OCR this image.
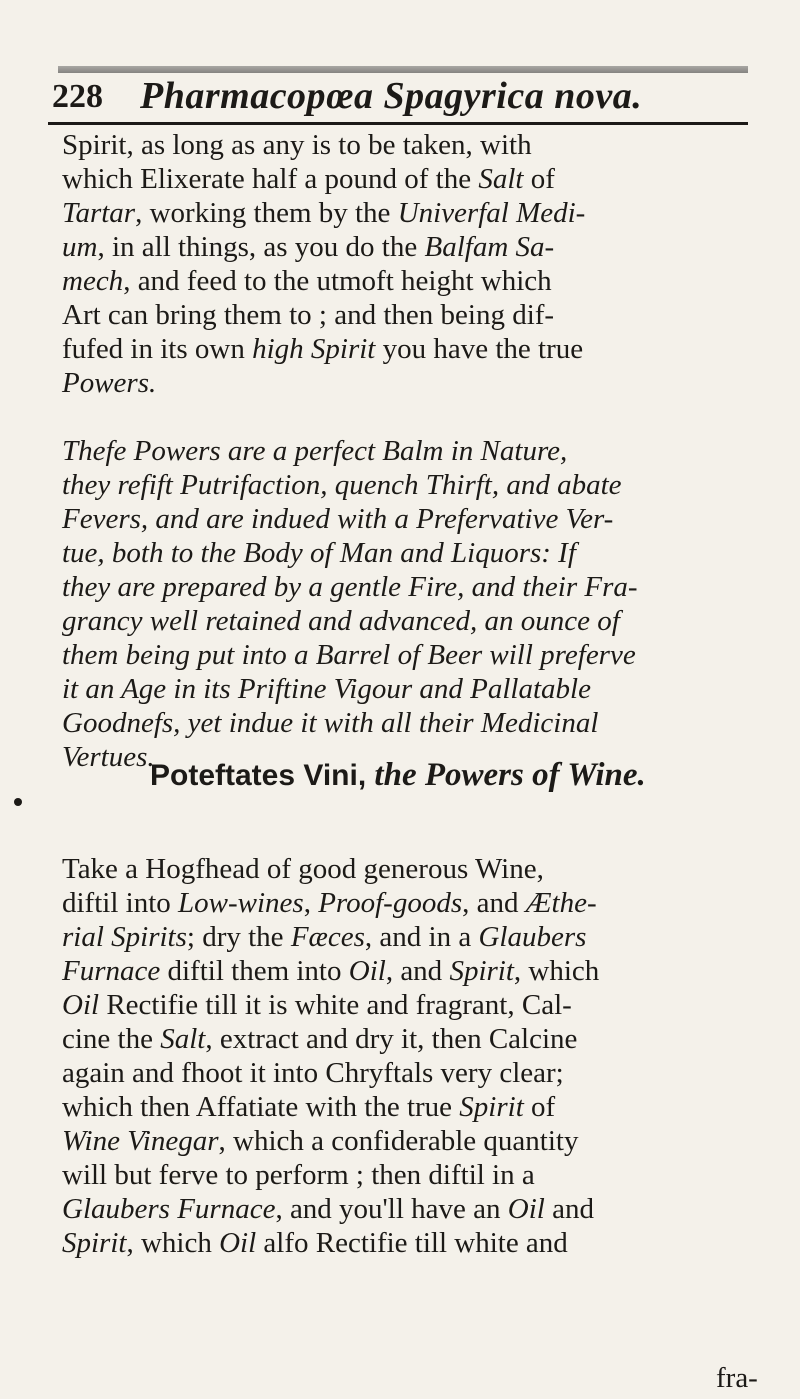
228 Pharmacopœa Spagyrica nova.
Spirit, as long as any is to be taken, with
which Elixerate half a pound of the Salt of
Tartar, working them by the Univerfal Medi-
um, in all things, as you do the Balfam Sa-
mech, and feed to the utmoft height which
Art can bring them to ; and then being dif-
fufed in its own high Spirit you have the true
Powers.
Thefe Powers are a perfect Balm in Nature,
they refift Putrifaction, quench Thirft, and abate
Fevers, and are indued with a Prefervative Ver-
tue, both to the Body of Man and Liquors: If
they are prepared by a gentle Fire, and their Fra-
grancy well retained and advanced, an ounce of
them being put into a Barrel of Beer will preferve
it an Age in its Priftine Vigour and Pallatable
Goodnefs, yet indue it with all their Medicinal
Vertues.
Poteftates Vini, the Powers of Wine.
Take a Hogfhead of good generous Wine,
diftil into Low-wines, Proof-goods, and Æthe-
rial Spirits; dry the Fæces, and in a Glaubers
Furnace diftil them into Oil, and Spirit, which
Oil Rectifie till it is white and fragrant, Cal-
cine the Salt, extract and dry it, then Calcine
again and fhoot it into Chryftals very clear;
which then Affatiate with the true Spirit of
Wine Vinegar, which a confiderable quantity
will but ferve to perform ; then diftil in a
Glaubers Furnace, and you'll have an Oil and
Spirit, which Oil alfo Rectifie till white and
fra-
